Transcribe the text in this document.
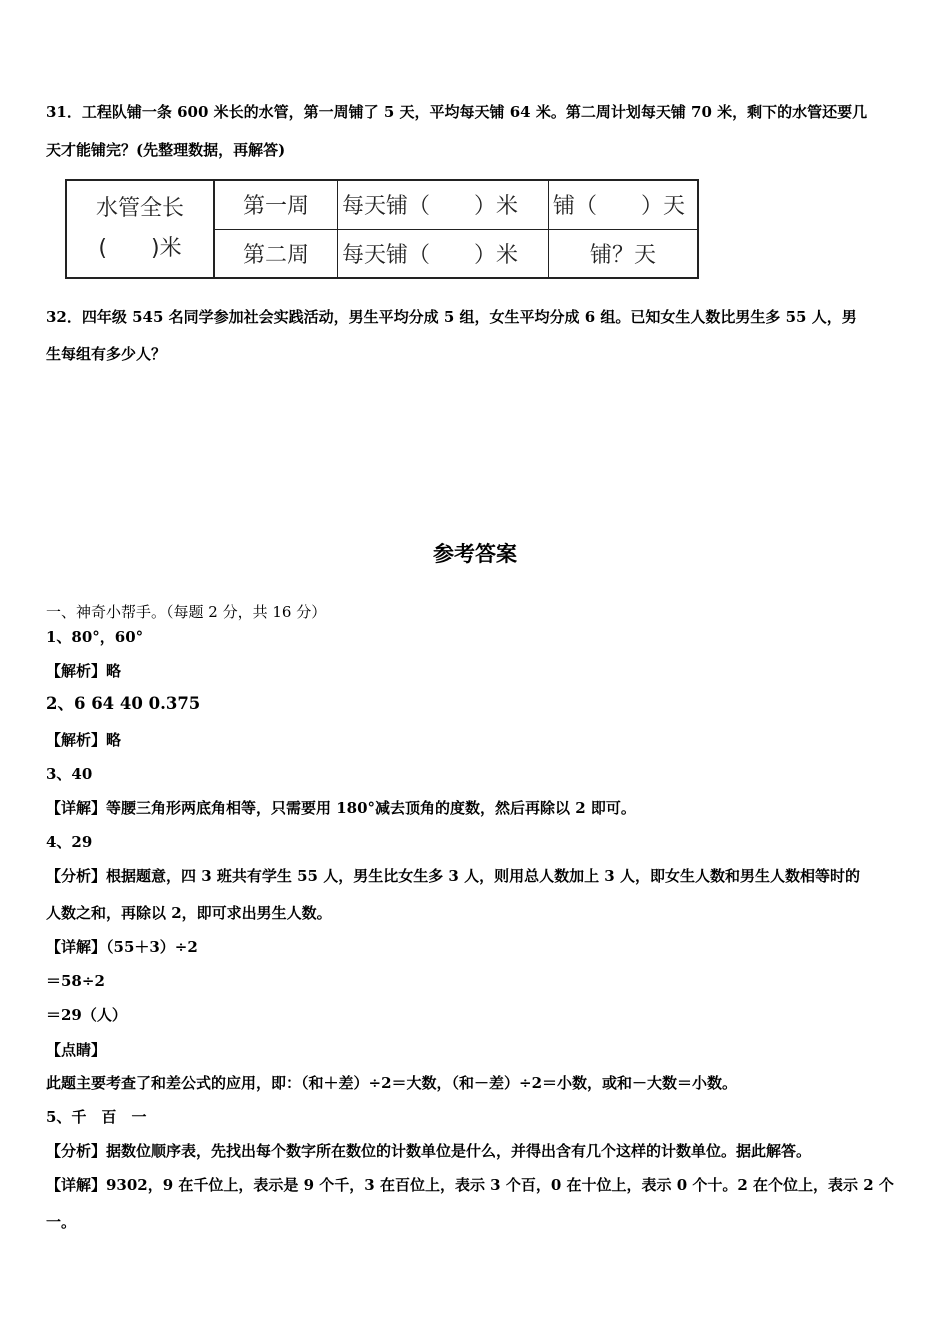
31．工程队铺一条 600 米长的水管，第一周铺了 5 天，平均每天铺 64 米。第二周计划每天铺 70 米，剩下的水管还要几
天才能铺完？(先整理数据，再解答)
水管全长
(　　)米	第一周	每天铺（　　）米	铺（　　）天
	第二周	每天铺（　　）米	铺？天
32．四年级 545 名同学参加社会实践活动，男生平均分成 5 组，女生平均分成 6 组。已知女生人数比男生多 55 人，男
生每组有多少人？
参考答案
一、神奇小帮手。（每题 2 分，共 16 分）
1、80°，60°
【解析】略
2、6 64 40 0.375
【解析】略
3、40
【详解】等腰三角形两底角相等，只需要用 180°减去顶角的度数，然后再除以 2 即可。
4、29
【分析】根据题意，四 3 班共有学生 55 人，男生比女生多 3 人，则用总人数加上 3 人，即女生人数和男生人数相等时的
人数之和，再除以 2，即可求出男生人数。
【详解】（55＋3）÷2
＝58÷2
＝29（人）
【点睛】
此题主要考查了和差公式的应用，即：（和＋差）÷2＝大数，（和－差）÷2＝小数，或和－大数＝小数。
5、千　百　一
【分析】据数位顺序表，先找出每个数字所在数位的计数单位是什么，并得出含有几个这样的计数单位。据此解答。
【详解】9302，9 在千位上，表示是 9 个千，3 在百位上，表示 3 个百，0 在十位上，表示 0 个十。2 在个位上，表示 2 个
一。
